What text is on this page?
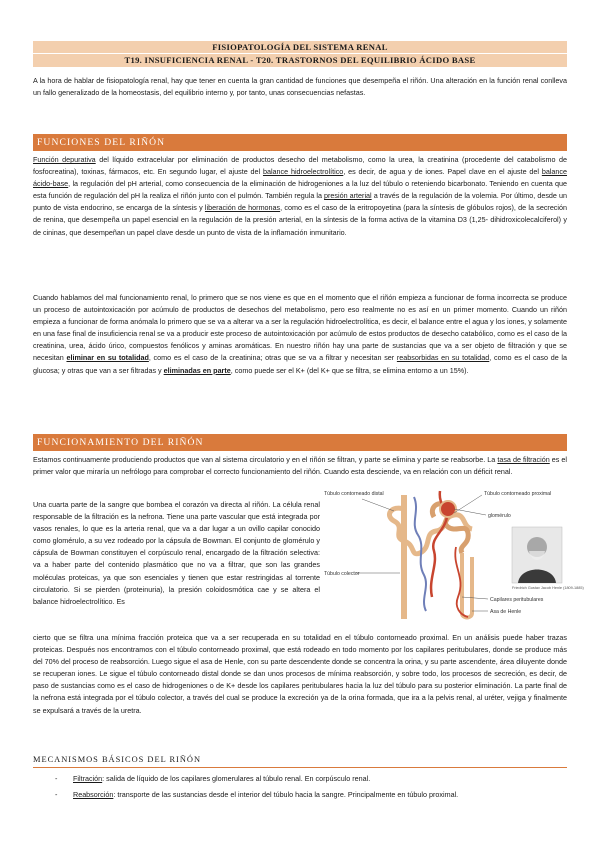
FISIOPATOLOGÍA DEL SISTEMA RENAL
T19. INSUFICIENCIA RENAL - T20. TRASTORNOS DEL EQUILIBRIO ÁCIDO BASE
A la hora de hablar de fisiopatología renal, hay que tener en cuenta la gran cantidad de funciones que desempeña el riñón. Una alteración en la función renal conlleva un fallo generalizado de la homeostasis, del equilibrio interno y, por tanto, unas consecuencias nefastas.
FUNCIONES DEL RIÑÓN
Función depurativa del líquido extracelular por eliminación de productos desecho del metabolismo, como la urea, la creatinina (procedente del catabolismo de fosfocreatina), toxinas, fármacos, etc. En segundo lugar, el ajuste del balance hidroelectrolítico, es decir, de agua y de iones. Papel clave en el ajuste del balance ácido-base, la regulación del pH arterial, como consecuencia de la eliminación de hidrogeniones a la luz del túbulo o reteniendo bicarbonato. Teniendo en cuenta que esta función de regulación del pH la realiza el riñón junto con el pulmón. También regula la presión arterial a través de la regulación de la volemia. Por último, desde un punto de vista endocrino, se encarga de la síntesis y liberación de hormonas, como es el caso de la eritropoyetina (para la síntesis de glóbulos rojos), de la secreción de renina, que desempeña un papel esencial en la regulación de la presión arterial, en la síntesis de la forma activa de la vitamina D3 (1,25- dihidroxicolecalciferol) y de cininas, que desempeñan un papel clave desde un punto de vista de la inflamación inmunitario.
Cuando hablamos del mal funcionamiento renal, lo primero que se nos viene es que en el momento que el riñón empieza a funcionar de forma incorrecta se produce un proceso de autointoxicación por acúmulo de productos de desechos del metabolismo, pero eso realmente no es así en un primer momento. Cuando un riñón empieza a funcionar de forma anómala lo primero que se va a alterar va a ser la regulación hidroelectrolítica, es decir, el balance entre el agua y los iones, y solamente en una fase final de insuficiencia renal se va a producir este proceso de autointoxicación por acúmulo de estos productos de desecho catabólico, como es el caso de la creatinina, urea, ácido úrico, compuestos fenólicos y aminas aromáticas. En nuestro riñón hay una parte de sustancias que va a ser objeto de filtración y que se necesitan eliminar en su totalidad, como es el caso de la creatinina; otras que se va a filtrar y necesitan ser reabsorbidas en su totalidad, como es el caso de la glucosa; y otras que van a ser filtradas y eliminadas en parte, como puede ser el K+ (del K+ que se filtra, se elimina entorno a un 15%).
FUNCIONAMIENTO DEL RIÑÓN
Estamos continuamente produciendo productos que van al sistema circulatorio y en el riñón se filtran, y parte se elimina y parte se reabsorbe. La tasa de filtración es el primer valor que miraría un nefrólogo para comprobar el correcto funcionamiento del riñón. Cuando esta desciende, va en relación con un déficit renal.
Una cuarta parte de la sangre que bombea el corazón va directa al riñón. La célula renal responsable de la filtración es la nefrona. Tiene una parte vascular que está integrada por vasos renales, lo que es la arteria renal, que va a dar lugar a un ovillo capilar conocido como glomérulo, a su vez rodeado por la cápsula de Bowman. El conjunto de glomérulo y cápsula de Bowman constituyen el corpúsculo renal, encargado de la filtración selectiva: va a haber parte del contenido plasmático que no va a filtrar, que son las grandes moléculas proteicas, ya que son esenciales y tienen que estar restringidas al torrente circulatorio. Si se pierden (proteinuria), la presión coloidosmótica cae y se altera el balance hidroelectrolítico. Es
Túbulo contorneado distal	Túbulo contorneado proximal
glomérulo
Túbulo colector
Capilares peritubulares
Asa de Henle
Friedrich Gustav Jacob Henle (1809-1885)
cierto que se filtra una mínima fracción proteica que va a ser recuperada en su totalidad en el túbulo contorneado proximal. En un análisis puede haber trazas proteicas. Después nos encontramos con el túbulo contorneado proximal, que está rodeado en todo momento por los capilares peritubulares, donde se produce más del 70% del proceso de reabsorción. Luego sigue el asa de Henle, con su parte descendente donde se concentra la orina, y su parte ascendente, área diluyente donde se recuperan iones. Le sigue el túbulo contorneado distal donde se dan unos procesos de mínima reabsorción, y sobre todo, los procesos de secreción, es decir, de paso de sustancias como es el caso de hidrogeniones o de K+ desde los capilares peritubulares hacia la luz del túbulo para su posterior eliminación. La parte final de la nefrona está integrada por el túbulo colector, a través del cual se produce la excreción ya de la orina formada, que ira a la pelvis renal, al uréter, vejiga y finalmente se expulsará a través de la uretra.
MECANISMOS BÁSICOS DEL RIÑÓN
- Filtración: salida de líquido de los capilares glomerulares al túbulo renal. En corpúsculo renal.
- Reabsorción: transporte de las sustancias desde el interior del túbulo hacia la sangre. Principalmente en túbulo proximal.
